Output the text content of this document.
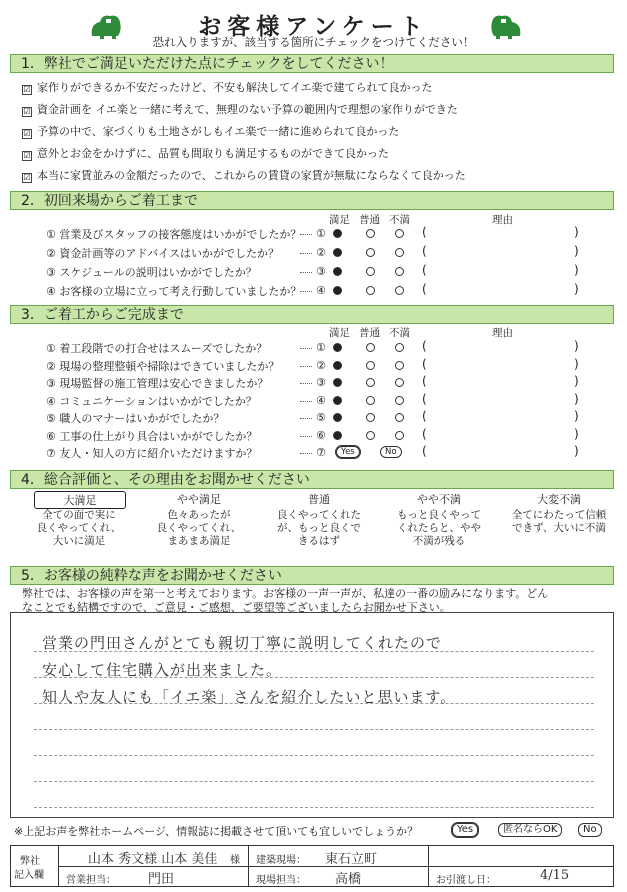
お客様アンケート
恐れ入りますが、該当する箇所にチェックをつけてください！
1．弊社でご満足いただけた点にチェックをしてください！
☑ 家作りができるか不安だったけど、不安も解決してイエ楽で建てられて良かった
☑ 資金計画を イエ楽と一緒に考えて、無理のない予算の範囲内で理想の家作りができた
☑ 予算の中で、家づくりも土地さがしもイエ楽で一緒に進められて良かった
☑ 意外とお金をかけずに、品質も間取りも満足するものができて良かった
☑ 本当に家賃並みの金額だったので、これからの賃貸の家賃が無駄にならなくて良かった
2．初回来場からご着工まで
満足 普通 不満	理由
① 営業及びスタッフの接客態度はいかがでしたか？ ①	(	)
② 資金計画等のアドバイスはいかがでしたか？	②	(	)
③ スケジュールの説明はいかがでしたか？	③	(	)
④ お客様の立場に立って考え行動していましたか？ ④	(	)
3．ご着工からご完成まで
満足 普通 不満	理由
① 着工段階での打合せはスムーズでしたか？	①	(	)
② 現場の整理整頓や掃除はできていましたか？	②	(	)
③ 現場監督の施工管理は安心できましたか？	③	(	)
④ コミュニケーションはいかがでしたか？	④	(	)
⑤ 職人のマナーはいかがでしたか？	⑤	(	)
⑥ 工事の仕上がり具合はいかがでしたか？	⑥	(	)
⑦ 友人・知人の方に紹介いただけますか？	⑦	Yes	No	(	)
4．総合評価と、その理由をお聞かせください
大満足
全ての面で実に
良くやってくれ、
大いに満足
やや満足
色々あったが
良くやってくれ、
まあまあ満足
普通
良くやってくれた
が、もっと良くで
きるはず
やや不満
もっと良くやって
くれたらと、やや
不満が残る
大変不満
全てにわたって信頼
できず、大いに不満
5．お客様の純粋な声をお聞かせください
弊社では、お客様の声を第一と考えております。お客様の一声一声が、私達の一番の励みになります。どん
なことでも結構ですので、ご意見・ご感想、ご要望等ございましたらお聞かせ下さい。
営業の門田さんがとても親切丁寧に説明してくれたので
安心して住宅購入が出来ました。
知人や友人にも「イエ楽」さんを紹介したいと思います。
※上記お声を弊社ホームページ、情報誌に掲載させて頂いても宜しいでしょうか？	Yes	匿名ならOK	No
弊社
記入欄
山本 秀文様 山本 美佳 様 建築現場： 東石立町
営業担当： 門田	現場担当： 高橋	お引渡し日：	4/15
